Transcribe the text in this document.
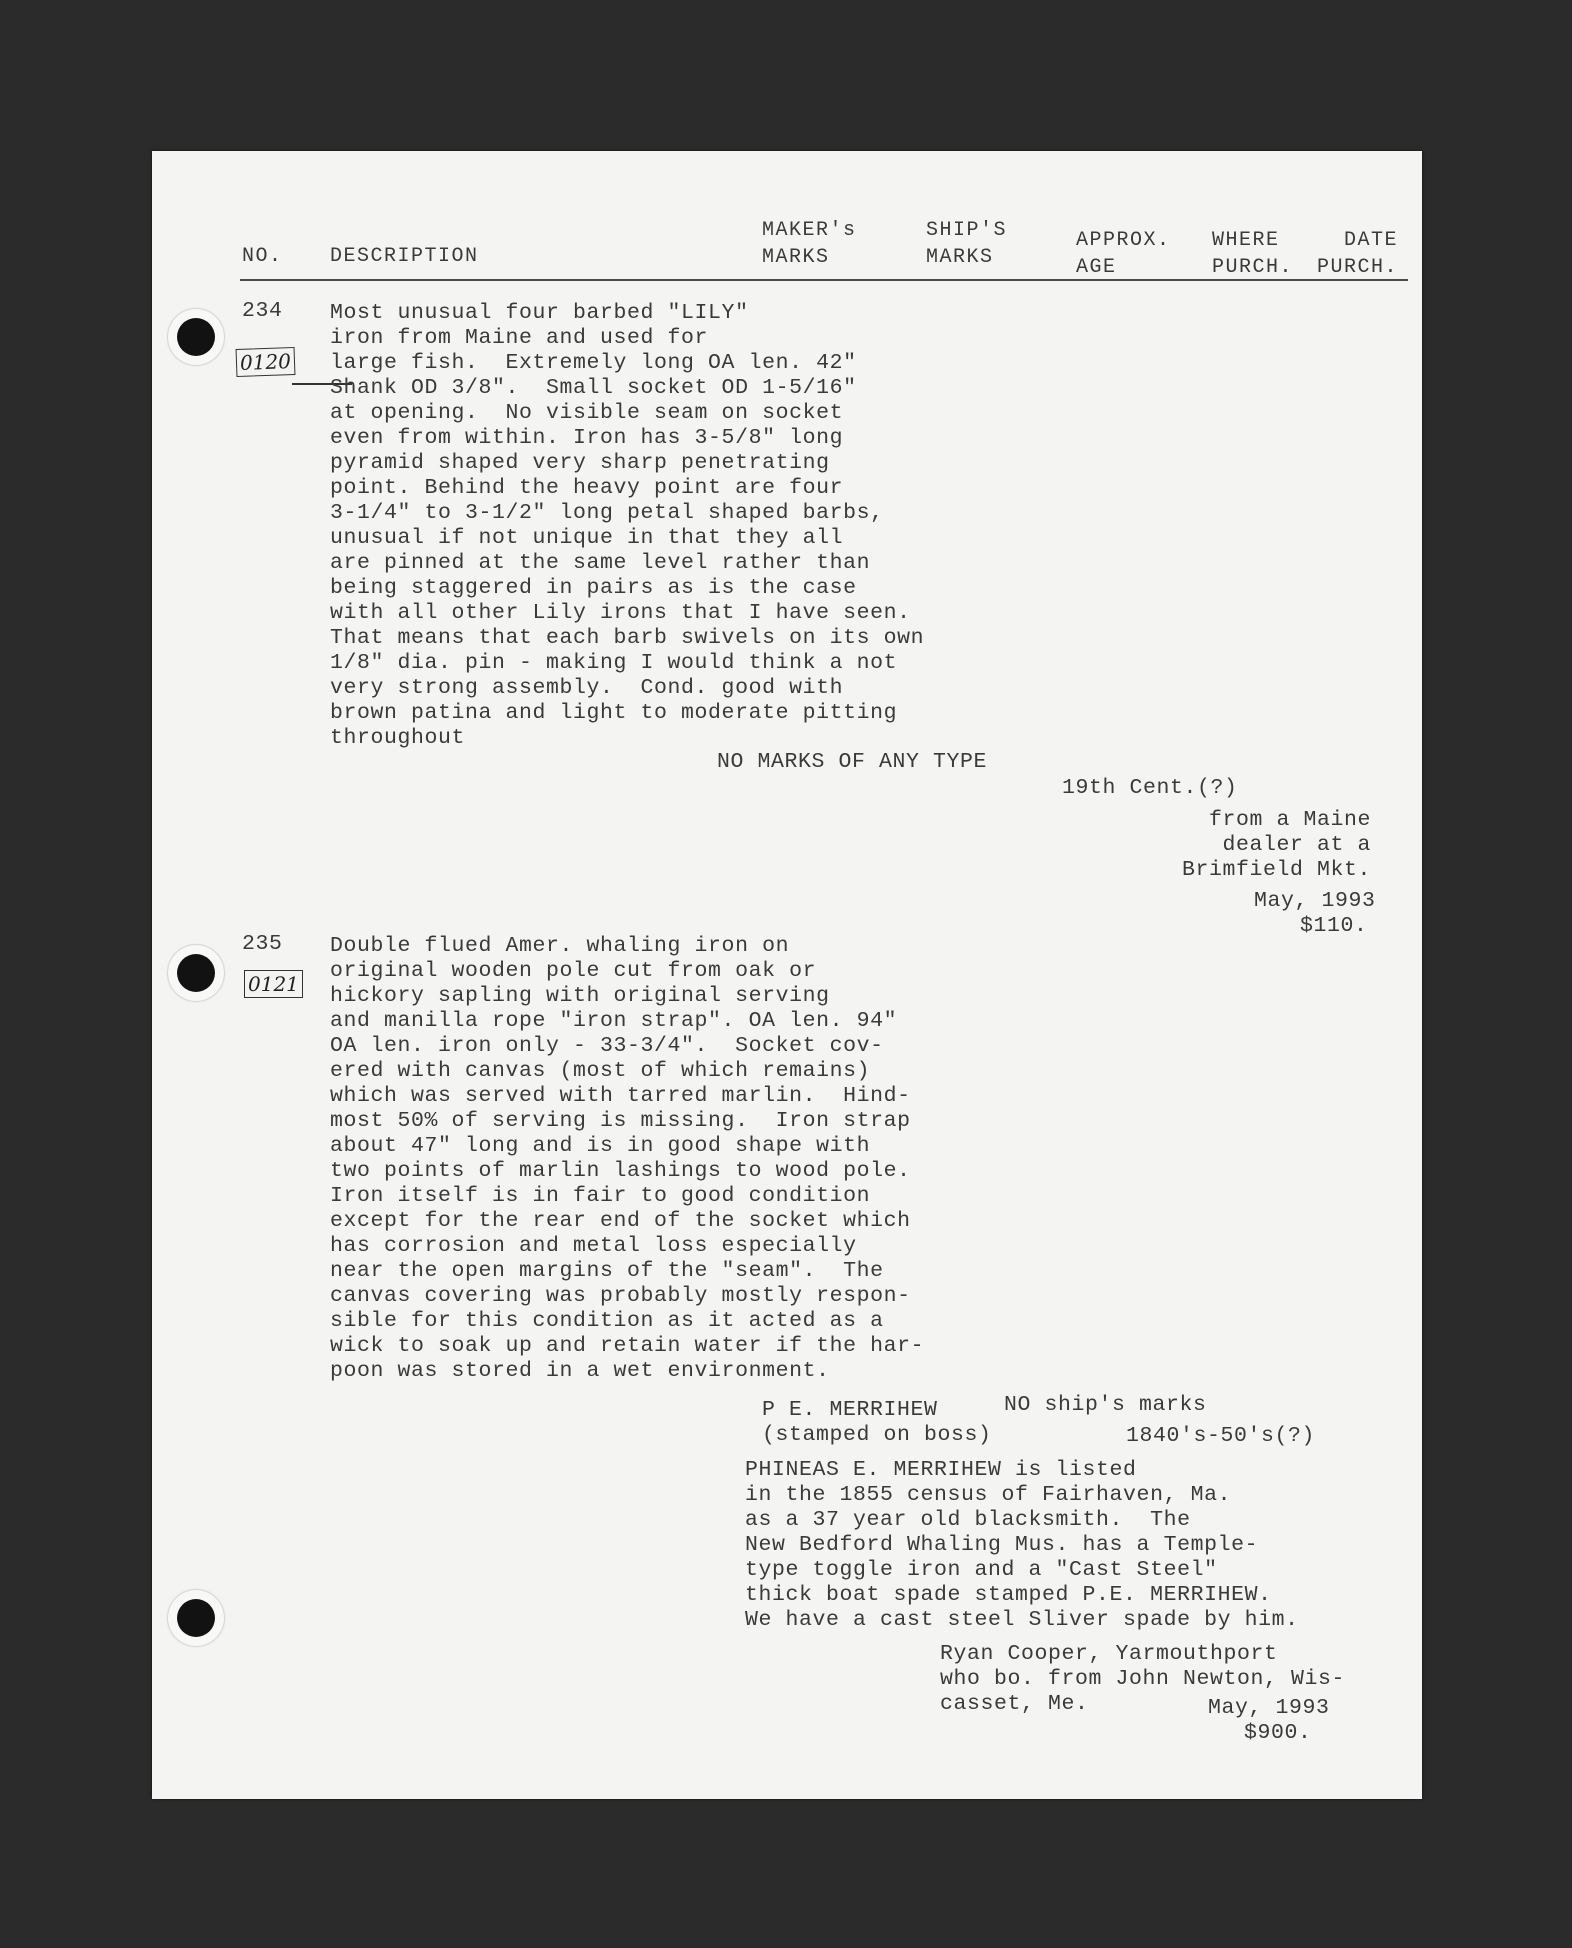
NO. DESCRIPTION
MAKER's
MARKS
SHIP'S
MARKS
APPROX.
AGE
WHERE
PURCH.
DATE
PURCH.
234
0120
Most unusual four barbed "LILY"
iron from Maine and used for
large fish.  Extremely long OA len. 42"
Shank OD 3/8".  Small socket OD 1-5/16"
at opening.  No visible seam on socket
even from within. Iron has 3-5/8" long
pyramid shaped very sharp penetrating
point. Behind the heavy point are four
3-1/4" to 3-1/2" long petal shaped barbs,
unusual if not unique in that they all
are pinned at the same level rather than
being staggered in pairs as is the case
with all other Lily irons that I have seen.
That means that each barb swivels on its own
1/8" dia. pin - making I would think a not
very strong assembly.  Cond. good with
brown patina and light to moderate pitting
throughout
NO MARKS OF ANY TYPE
19th Cent.(?)
from a Maine
dealer at a
Brimfield Mkt.
May, 1993
$110.
235
0121
Double flued Amer. whaling iron on
original wooden pole cut from oak or
hickory sapling with original serving
and manilla rope "iron strap". OA len. 94"
OA len. iron only - 33-3/4".  Socket cov-
ered with canvas (most of which remains)
which was served with tarred marlin.  Hind-
most 50% of serving is missing.  Iron strap
about 47" long and is in good shape with
two points of marlin lashings to wood pole.
Iron itself is in fair to good condition
except for the rear end of the socket which
has corrosion and metal loss especially
near the open margins of the "seam".  The
canvas covering was probably mostly respon-
sible for this condition as it acted as a
wick to soak up and retain water if the har-
poon was stored in a wet environment.
P E. MERRIHEW
(stamped on boss)
NO ship's marks
1840's-50's(?)
PHINEAS E. MERRIHEW is listed
in the 1855 census of Fairhaven, Ma.
as a 37 year old blacksmith.  The
New Bedford Whaling Mus. has a Temple-
type toggle iron and a "Cast Steel"
thick boat spade stamped P.E. MERRIHEW.
We have a cast steel Sliver spade by him.
Ryan Cooper, Yarmouthport
who bo. from John Newton, Wis-
casset, Me.	May, 1993
$900.
